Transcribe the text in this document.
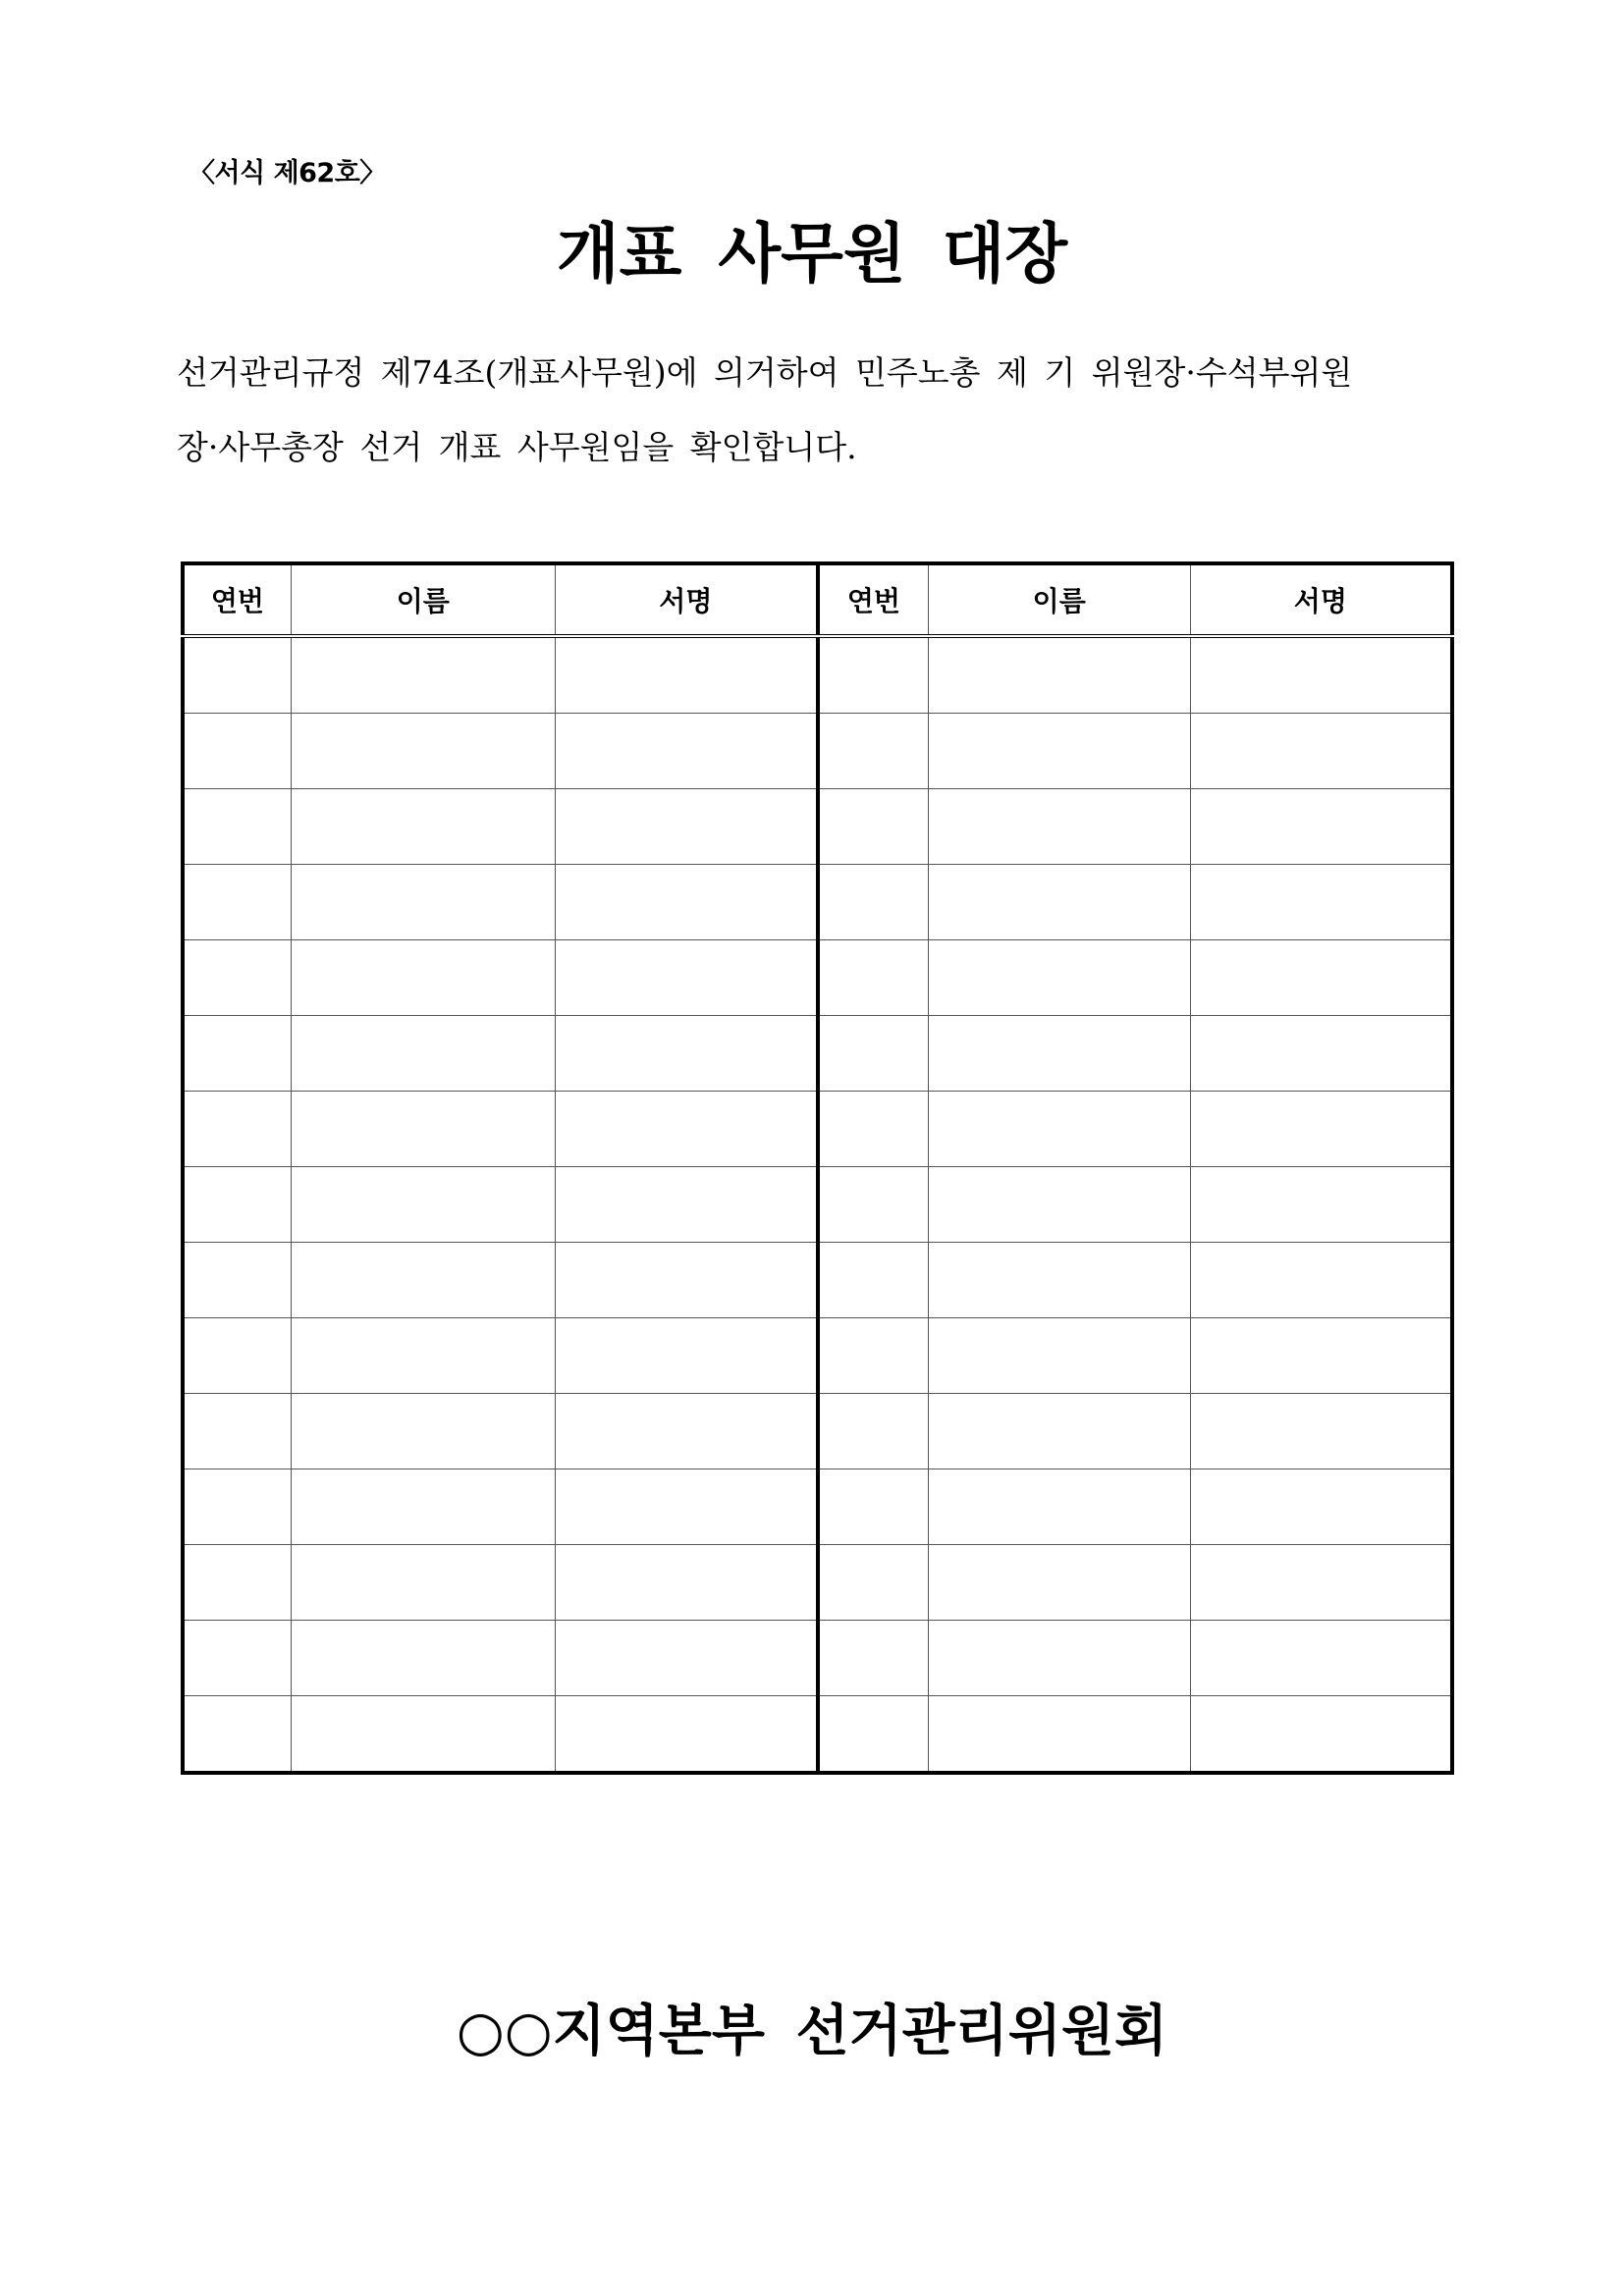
〈서식 제62호〉
개표 사무원 대장
선거관리규정 제74조(개표사무원)에 의거하여 민주노총 제 기 위원장·수석부위원
장·사무총장 선거 개표 사무원임을 확인합니다.
연번	이름	서명	연번	이름	서명

○○지역본부 선거관리위원회
